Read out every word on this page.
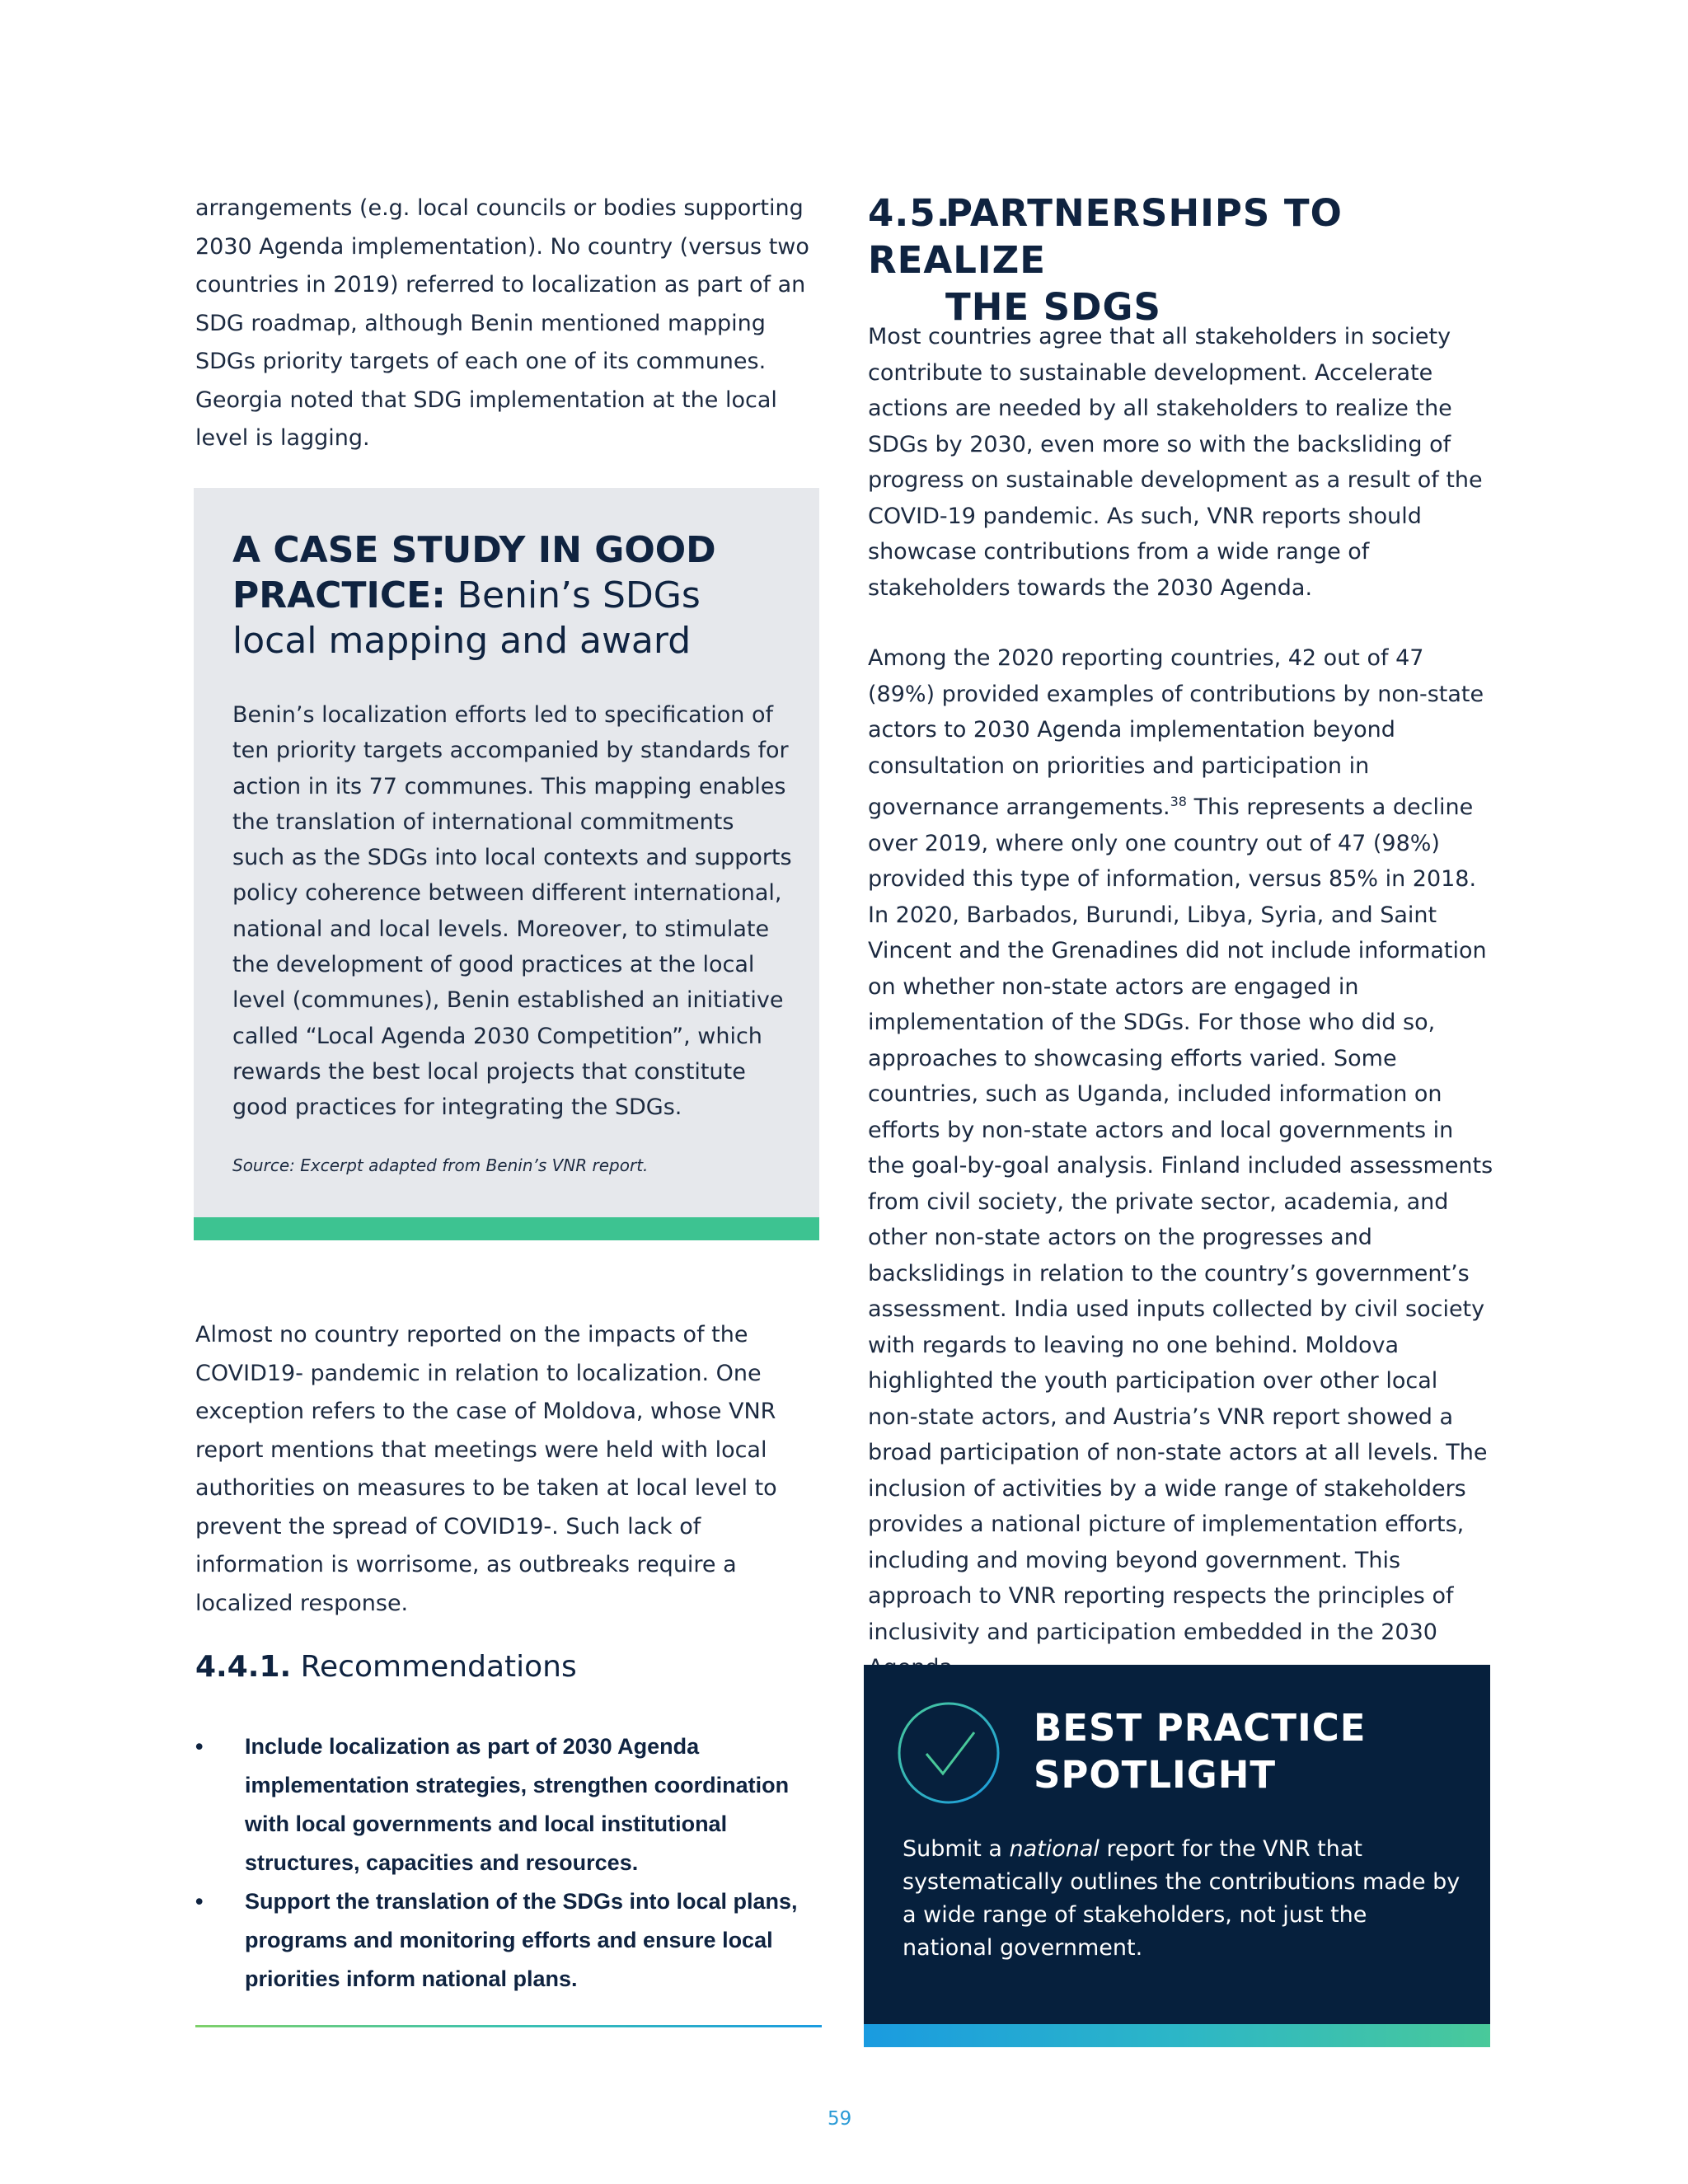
arrangements (e.g. local councils or bodies supporting 2030 Agenda implementation). No country (versus two countries in 2019) referred to localization as part of an SDG roadmap, although Benin mentioned mapping SDGs priority targets of each one of its communes. Georgia noted that SDG implementation at the local level is lagging.

A CASE STUDY IN GOOD
PRACTICE: Benin’s SDGs local mapping and award

Benin’s localization efforts led to specification of ten priority targets accompanied by standards for action in its 77 communes. This mapping enables the translation of international commitments such as the SDGs into local contexts and supports policy coherence between different international, national and local levels. Moreover, to stimulate the development of good practices at the local level (communes), Benin established an initiative called “Local Agenda 2030 Competition”, which rewards the best local projects that constitute good practices for integrating the SDGs.

Source: Excerpt adapted from Benin’s VNR report.

Almost no country reported on the impacts of the COVID19- pandemic in relation to localization. One exception refers to the case of Moldova, whose VNR report mentions that meetings were held with local authorities on measures to be taken at local level to prevent the spread of COVID19-. Such lack of information is worrisome, as outbreaks require a localized response.

4.4.1. Recommendations
• Include localization as part of 2030 Agenda implementation strategies, strengthen coordination with local governments and local institutional structures, capacities and resources.
• Support the translation of the SDGs into local plans, programs and monitoring efforts and ensure local priorities inform national plans.
4.5.PARTNERSHIPS TO REALIZE
THE SDGS

Most countries agree that all stakeholders in society contribute to sustainable development. Accelerate actions are needed by all stakeholders to realize the SDGs by 2030, even more so with the backsliding of progress on sustainable development as a result of the COVID-19 pandemic. As such, VNR reports should showcase contributions from a wide range of stakeholders towards the 2030 Agenda.

Among the 2020 reporting countries, 42 out of 47 (89%) provided examples of contributions by non-state actors to 2030 Agenda implementation beyond consultation on priorities and participation in governance arrangements.$^{38}$ This represents a decline over 2019, where only one country out of 47 (98%) provided this type of information, versus 85% in 2018. In 2020, Barbados, Burundi, Libya, Syria, and Saint Vincent and the Grenadines did not include information on whether non-state actors are engaged in implementation of the SDGs. For those who did so, approaches to showcasing efforts varied. Some countries, such as Uganda, included information on efforts by non-state actors and local governments in the goal-by-goal analysis. Finland included assessments from civil society, the private sector, academia, and other non-state actors on the progresses and backslidings in relation to the country’s government’s assessment. India used inputs collected by civil society with regards to leaving no one behind. Moldova highlighted the youth participation over other local non-state actors, and Austria’s VNR report showed a broad participation of non-state actors at all levels. The inclusion of activities by a wide range of stakeholders provides a national picture of implementation efforts, including and moving beyond government. This approach to VNR reporting respects the principles of inclusivity and participation embedded in the 2030

BEST PRACTICE
SPOTLIGHT
Submit a national report for the VNR that systematically outlines the contributions made by a wide range of stakeholders, not just the national government.
59
